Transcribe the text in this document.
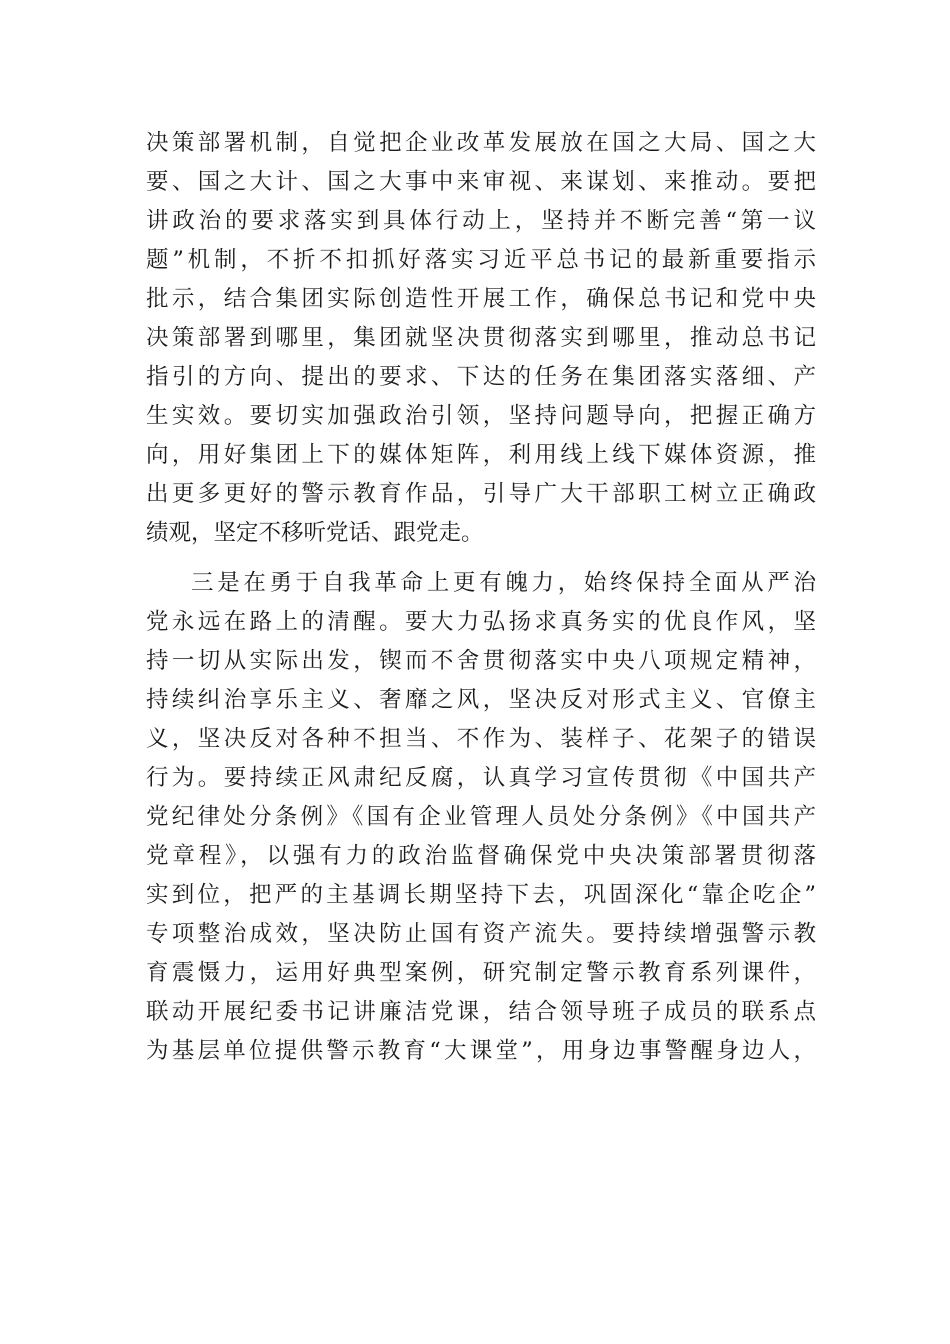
决策部署机制，自觉把企业改革发展放在国之大局、国之大
要、国之大计、国之大事中来审视、来谋划、来推动。要把
讲政治的要求落实到具体行动上，坚持并不断完善“第一议
题”机制，不折不扣抓好落实习近平总书记的最新重要指示
批示，结合集团实际创造性开展工作，确保总书记和党中央
决策部署到哪里，集团就坚决贯彻落实到哪里，推动总书记
指引的方向、提出的要求、下达的任务在集团落实落细、产
生实效。要切实加强政治引领，坚持问题导向，把握正确方
向，用好集团上下的媒体矩阵，利用线上线下媒体资源，推
出更多更好的警示教育作品，引导广大干部职工树立正确政
绩观，坚定不移听党话、跟党走。
三是在勇于自我革命上更有魄力，始终保持全面从严治
党永远在路上的清醒。要大力弘扬求真务实的优良作风，坚
持一切从实际出发，锲而不舍贯彻落实中央八项规定精神，
持续纠治享乐主义、奢靡之风，坚决反对形式主义、官僚主
义，坚决反对各种不担当、不作为、装样子、花架子的错误
行为。要持续正风肃纪反腐，认真学习宣传贯彻《中国共产
党纪律处分条例》《国有企业管理人员处分条例》《中国共产
党章程》，以强有力的政治监督确保党中央决策部署贯彻落
实到位，把严的主基调长期坚持下去，巩固深化“靠企吃企”
专项整治成效，坚决防止国有资产流失。要持续增强警示教
育震慑力，运用好典型案例，研究制定警示教育系列课件，
联动开展纪委书记讲廉洁党课，结合领导班子成员的联系点
为基层单位提供警示教育“大课堂”，用身边事警醒身边人，
